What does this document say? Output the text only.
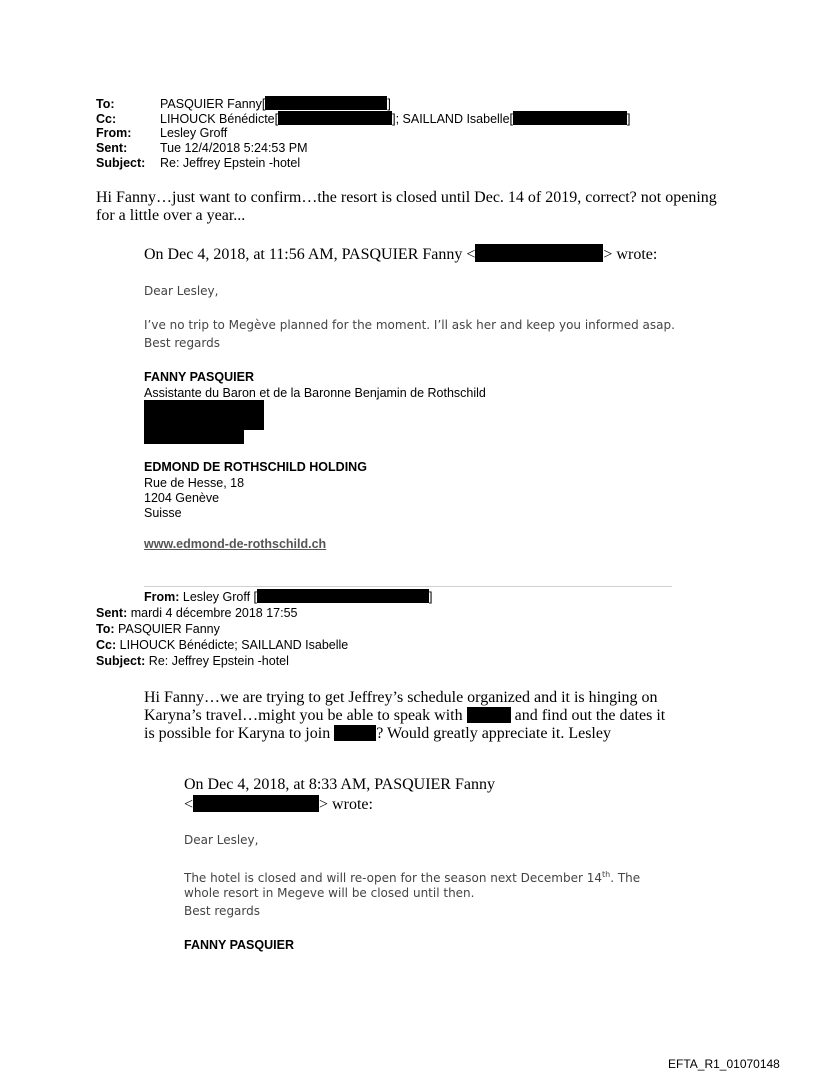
To:	PASQUIER Fanny[	]
Cc:	LIHOUCK Bénédicte[	]; SAILLAND Isabelle[	]
From: Lesley Groff
Sent:	Tue 12/4/2018 5:24:53 PM
Subject: Re: Jeffrey Epstein -hotel
Hi Fanny…just want to confirm…the resort is closed until Dec. 14 of 2019, correct? not opening
for a little over a year...
On Dec 4, 2018, at 11:56 AM, PASQUIER Fanny <	> wrote:
Dear Lesley,
I’ve no trip to Megève planned for the moment. I’ll ask her and keep you informed asap.
Best regards
FANNY PASQUIER
Assistante du Baron et de la Baronne Benjamin de Rothschild
EDMOND DE ROTHSCHILD HOLDING
Rue de Hesse, 18
1204 Genève
Suisse
www.edmond-de-rothschild.ch
From: Lesley Groff [	]
Sent: mardi 4 décembre 2018 17:55
To: PASQUIER Fanny
Cc: LIHOUCK Bénédicte; SAILLAND Isabelle
Subject: Re: Jeffrey Epstein -hotel
Hi Fanny…we are trying to get Jeffrey’s schedule organized and it is hinging on
Karyna’s travel…might you be able to speak with	and find out the dates it
is possible for Karyna to join	? Would greatly appreciate it. Lesley
On Dec 4, 2018, at 8:33 AM, PASQUIER Fanny
<	> wrote:
Dear Lesley,
The hotel is closed and will re-open for the season next December 14th. The
whole resort in Megeve will be closed until then.
Best regards
FANNY PASQUIER
EFTA_R1_01070148
